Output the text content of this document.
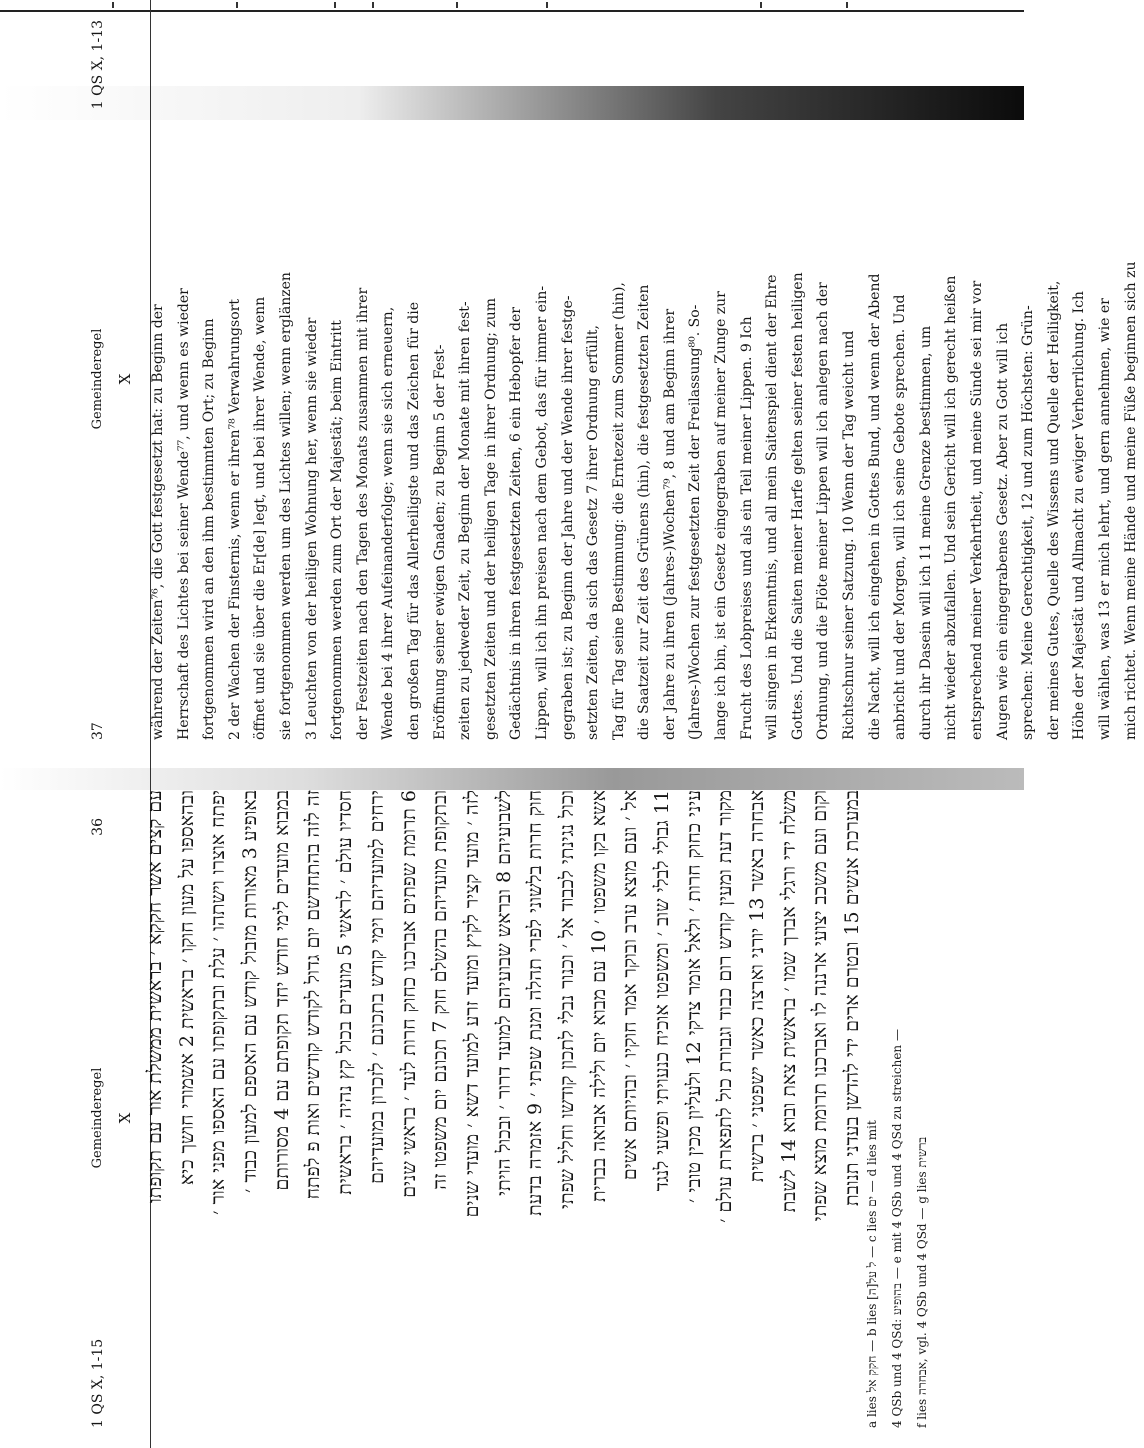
37
Gemeinderegel
1 QS X, 1-13
X während der Zeiten⁷⁶, die Gott festgesetzt hat: zu Beginn der Herrschaft des Lichtes bei seiner Wende⁷⁷, und wenn es wieder fortgenommen wird an den ihm bestimmten Ort; zu Beginn 2 der Wachen der Finsternis, wenn er ihren⁷⁸ Verwahrungsort öffnet und sie über die Er[de] legt, und bei ihrer Wende, wenn sie fortgenommen werden um des Lichtes willen; wenn erglänzen 3 Leuchten von der heiligen Wohnung her, wenn sie wieder fortgenommen werden zum Ort der Majestät; beim Eintritt der Festzeiten nach den Tagen des Monats zusammen mit ihrer Wende bei 4 ihrer Aufeinanderfolge; wenn sie sich erneuern, den großen Tag für das Allerheiligste und das Zeichen für die Eröffnung seiner ewigen Gnaden; zu Beginn 5 der Fest- zeiten zu jedweder Zeit, zu Beginn der Monate mit ihren fest- gesetzten Zeiten und der heiligen Tage in ihrer Ordnung; zum Gedächtnis in ihren festgesetzten Zeiten, 6 ein Hebopfer der Lippen, will ich ihn preisen nach dem Gebot, das für immer ein- gegraben ist; zu Beginn der Jahre und der Wende ihrer festge- setzten Zeiten, da sich das Gesetz 7 ihrer Ordnung erfüllt, Tag für Tag seine Bestimmung: die Erntezeit zum Sommer (hin), die Saatzeit zur Zeit des Grünens (hin), die festgesetzten Zeiten der Jahre zu ihren (Jahres-)Wochen⁷⁹, 8 und am Beginn ihrer (Jahres-)Wochen zur festgesetzten Zeit der Freilassung⁸⁰. So- lange ich bin, ist ein Gesetz eingegraben auf meiner Zunge zur Frucht des Lobpreises und als ein Teil meiner Lippen. 9 Ich will singen in Erkenntnis, und all mein Saitenspiel dient der Ehre Gottes. Und die Saiten meiner Harfe gelten seiner festen heiligen Ordnung, und die Flöte meiner Lippen will ich anlegen nach der Richtschnur seiner Satzung. 10 Wenn der Tag weicht und die Nacht, will ich eingehen in Gottes Bund, und wenn der Abend anbricht und der Morgen, will ich seine Gebote sprechen. Und durch ihr Dasein will ich 11 meine Grenze bestimmen, um nicht wieder abzufallen. Und sein Gericht will ich gerecht heißen entsprechend meiner Verkehrtheit, und meine Sünde sei mir vor Augen wie ein eingegrabenes Gesetz. Aber zu Gott will ich sprechen: Meine Gerechtigkeit, 12 und zum Höchsten: Grün- der meines Gutes, Quelle des Wissens und Quelle der Heiligkeit, Höhe der Majestät und Allmacht zu ewiger Verherrlichung. Ich will wählen, was 13 er mich lehrt, und gern annehmen, wie er mich richtet. Wenn meine Hände und meine Füße beginnen sich zu

1 QS X, 1-15
Gemeinderegel
36
X עם קצים אשר חקקא ׳ בראשית ממשלת אור עם תקופתו ובהאספו על מעון חוקו ׳ בראשית 2 אשמורי חושך כיא יפתח אוצרו וישתהו ׳ עלת ובתקופתו עם האספו מפני אור ׳ באופיע 3 מאורות מזבול קודש עם האספם למעון כבוד ׳

במבוא מועדים לימי חודש יחד תקופתם עם 4 מסורותם זה לזה בהתחדשם יום גדול לקודש קודשים ואות פ לפתח חסדיו עולם ׳ לראשי 5 מועדים בכול קץ נהיה ׳ בראשית ירחים למועדיהם וימי קודש בתכונם ׳ לזכרון במועדיהם 6 תרומת שפתים אברכנו כחוק חרות לעד ׳ בראשי שנים

ובתקופת מועדיהם בהשלם חוק 7 תכונם יום משפטו זה לזה ׳ מועד קציר לקיץ ומועד זרע למועד דשא ׳ מועדי שנים לשבועיהם 8 ובראש שבועיהם למועד דרור ׳ ובכול הויתי

חוק חרות בלשוני לפרי תהלה ומנת שפתי ׳ 9 אזמרה בדעת וכול נגינתי לכבוד אל ׳ וכנור נבלי לתכון קודשו וחליל שפתי אשא בקו משפטו ׳ 10 עם מבוא יום ולילה אבואה בברית אל ׳ ועם מוצא ערב ובוקר אמר חוקיו ׳ ובהיותם אשים 11 גבולי לבלי שוב ׳ ומשפטו אוכיח כנעויתי ופשעי לנגד

עיני כחוק חרות ׳ ולאל אומר צדקי 12 ולעליון מכין טובי ׳ מקור דעת ומעין קודש רום כבוד וגבורת כול לתפארת עולם ׳ אבחרה באשר 13 יורני וארצה כאשר ישפטני ׳ ברשית

משלח ידי ורגלי אברך שמו ׳ בראשית צאת ובוא 14 לשבת וקום ועם משכב יצועי ארננה לו ואברכנו תרומת מוצא שפתי במערכת אנשים 15 ובטרם ארים ידי להדשן בעדני תנובת

a lies חקק אל — b lies [ה]ל על — c lies ים — d lies mit

4 QSb und 4 QSd: בהופיע — e mit 4 QSb und 4 QSd zu streichen —

f lies אבחרה, vgl. 4 QSb und 4 QSd — g lies ברשית
